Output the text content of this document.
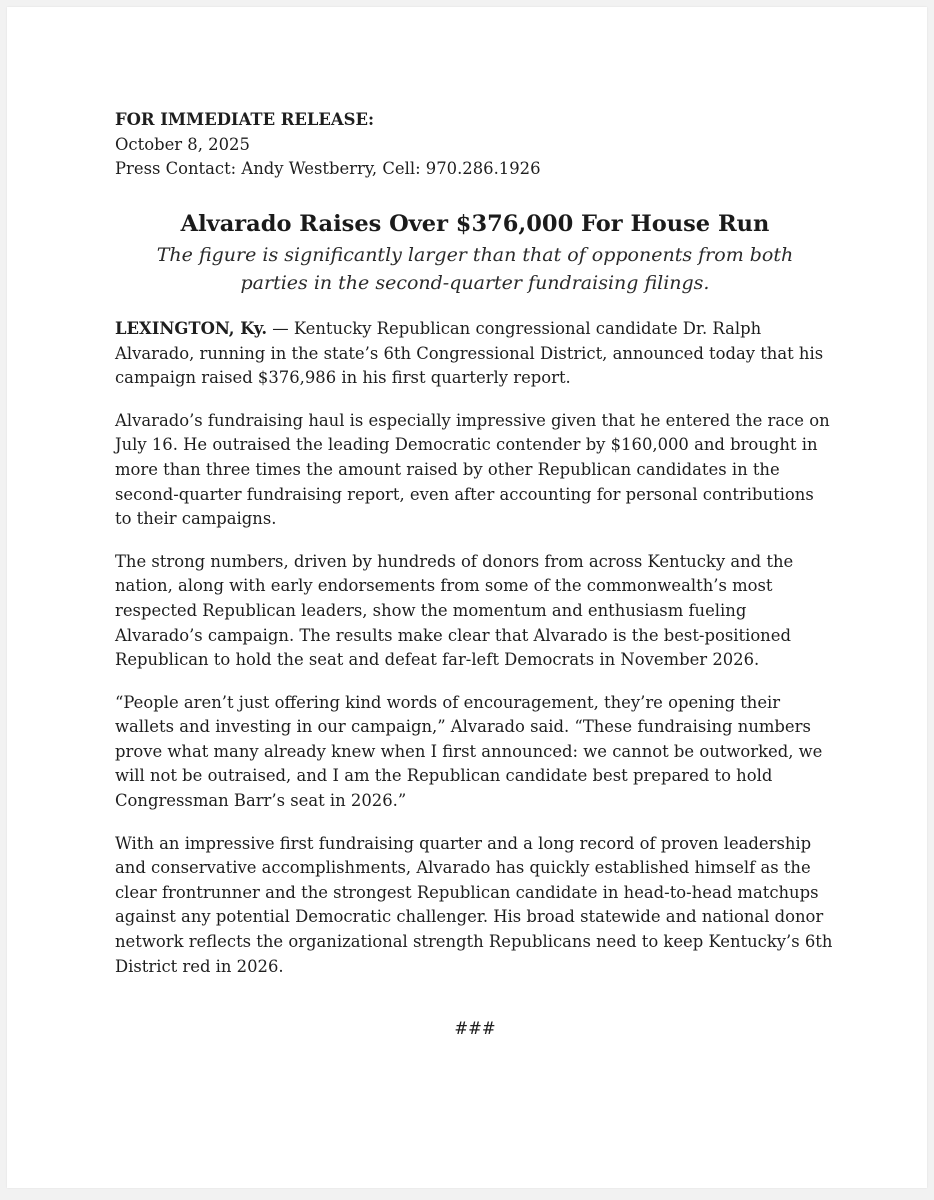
FOR IMMEDIATE RELEASE:
October 8, 2025
Press Contact: Andy Westberry, Cell: 970.286.1926
Alvarado Raises Over $376,000 For House Run
The figure is significantly larger than that of opponents from both parties in the second-quarter fundraising filings.

LEXINGTON, Ky. — Kentucky Republican congressional candidate Dr. Ralph Alvarado, running in the state’s 6th Congressional District, announced today that his campaign raised $376,986 in his first quarterly report.

Alvarado’s fundraising haul is especially impressive given that he entered the race on July 16. He outraised the leading Democratic contender by $160,000 and brought in more than three times the amount raised by other Republican candidates in the second-quarter fundraising report, even after accounting for personal contributions to their campaigns.

The strong numbers, driven by hundreds of donors from across Kentucky and the nation, along with early endorsements from some of the commonwealth’s most respected Republican leaders, show the momentum and enthusiasm fueling Alvarado’s campaign. The results make clear that Alvarado is the best-positioned Republican to hold the seat and defeat far-left Democrats in November 2026.

“People aren’t just offering kind words of encouragement, they’re opening their wallets and investing in our campaign,” Alvarado said. “These fundraising numbers prove what many already knew when I first announced: we cannot be outworked, we will not be outraised, and I am the Republican candidate best prepared to hold Congressman Barr’s seat in 2026.”

With an impressive first fundraising quarter and a long record of proven leadership and conservative accomplishments, Alvarado has quickly established himself as the clear frontrunner and the strongest Republican candidate in head-to-head matchups against any potential Democratic challenger. His broad statewide and national donor network reflects the organizational strength Republicans need to keep Kentucky’s 6th District red in 2026.

###
